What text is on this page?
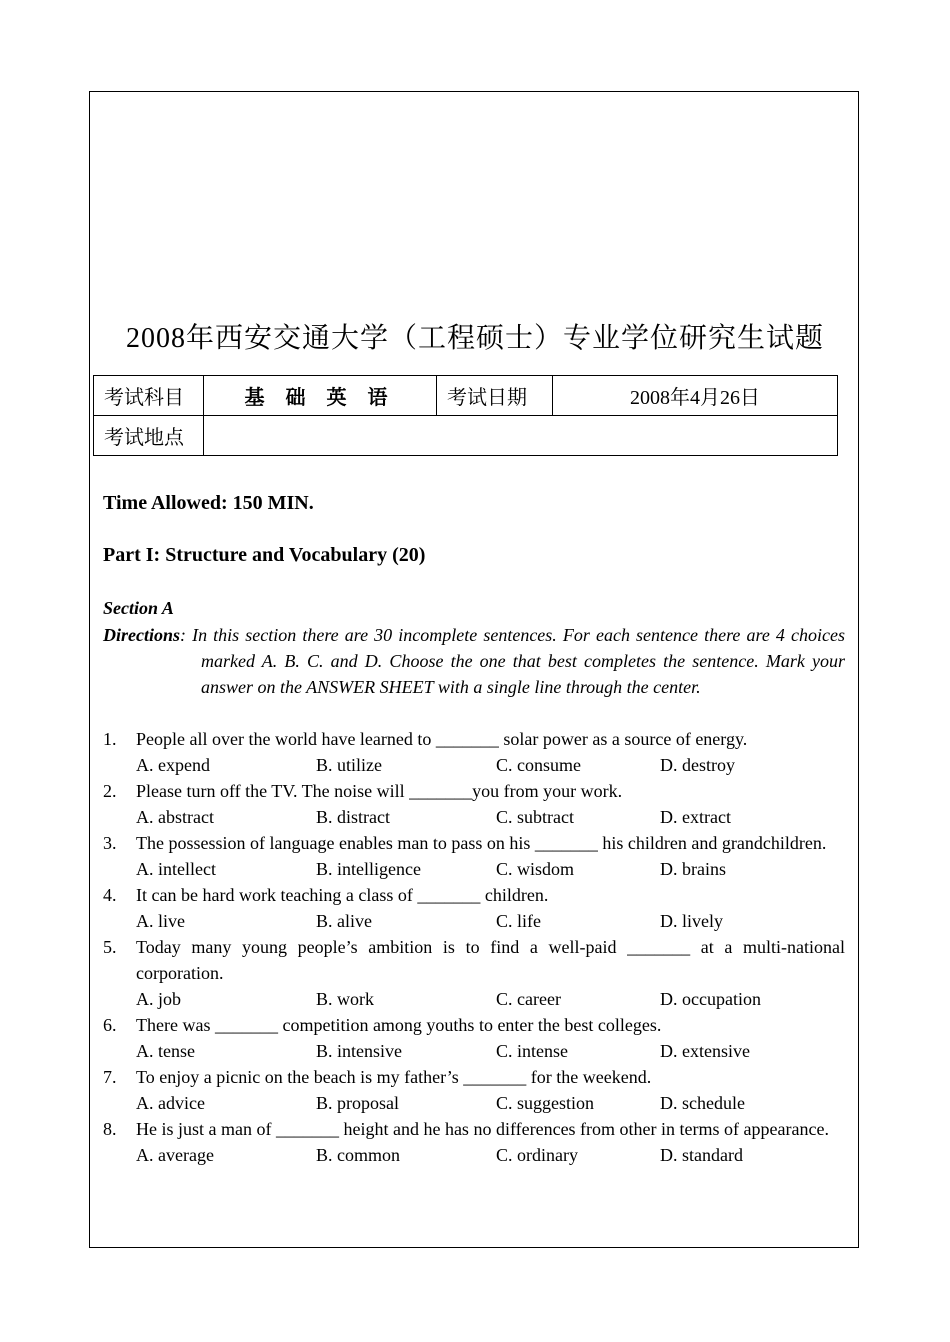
2008年西安交通大学（工程硕士）专业学位研究生试题
考试科目	基 础 英 语	考试日期	2008年4月26日
考试地点			
Time Allowed: 150 MIN.
Part I: Structure and Vocabulary (20)
Section A

Directions: In this section there are 30 incomplete sentences. For each sentence there are 4 choices marked A. B. C. and D. Choose the one that best completes the sentence. Mark your answer on the ANSWER SHEET with a single line through the center.

1.	People all over the world have learned to _______ solar power as a source of energy.
A. expend	B. utilize	C. consume	D. destroy
2.	Please turn off the TV. The noise will _______you from your work.
A. abstract	B. distract	C. subtract	D. extract
3.	The possession of language enables man to pass on his _______ his children and grandchildren.
A. intellect	B. intelligence	C. wisdom	D. brains
4.	It can be hard work teaching a class of _______ children.
A. live	B. alive	C. life	D. lively
5.	Today many young people’s ambition is to find a well-paid _______ at a multi-national corporation.
A. job	B. work	C. career	D. occupation
6.	There was _______ competition among youths to enter the best colleges.
A. tense	B. intensive	C. intense	D. extensive
7.	To enjoy a picnic on the beach is my father’s _______ for the weekend.
A. advice	B. proposal	C. suggestion	D. schedule
8.	He is just a man of _______ height and he has no differences from other in terms of appearance.
A. average	B. common	C. ordinary	D. standard
